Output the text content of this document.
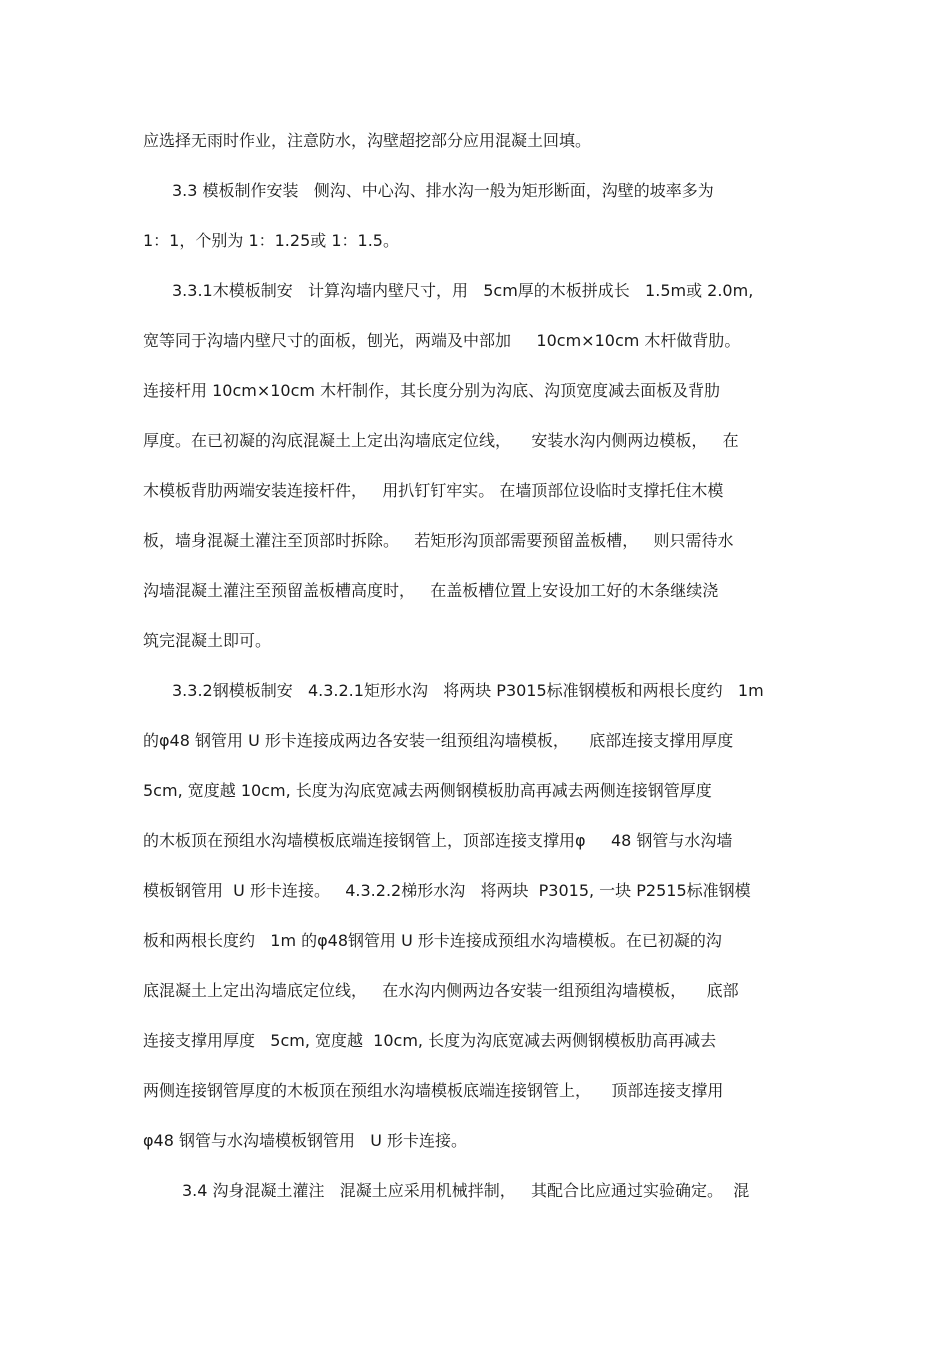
应选择无雨时作业，注意防水，沟壁超挖部分应用混凝土回填。
3.3 模板制作安装   侧沟、中心沟、排水沟一般为矩形断面，沟壁的坡率多为
1：1，个别为 1：1.25或 1：1.5。
3.3.1木模板制安   计算沟墙内壁尺寸，用   5cm厚的木板拼成长   1.5m或 2.0m,
宽等同于沟墙内壁尺寸的面板，刨光，两端及中部加     10cm×10cm 木杆做背肋。
连接杆用 10cm×10cm 木杆制作，其长度分别为沟底、沟顶宽度减去面板及背肋
厚度。在已初凝的沟底混凝土上定出沟墙底定位线，    安装水沟内侧两边模板，   在
木模板背肋两端安装连接杆件，   用扒钉钉牢实。 在墙顶部位设临时支撑托住木模
板，墙身混凝土灌注至顶部时拆除。   若矩形沟顶部需要预留盖板槽，   则只需待水
沟墙混凝土灌注至预留盖板槽高度时，   在盖板槽位置上安设加工好的木条继续浇
筑完混凝土即可。
3.3.2钢模板制安   4.3.2.1矩形水沟   将两块 P3015标准钢模板和两根长度约   1m
的φ48 钢管用 U 形卡连接成两边各安装一组预组沟墙模板，    底部连接支撑用厚度
5cm, 宽度越 10cm, 长度为沟底宽减去两侧钢模板肋高再减去两侧连接钢管厚度
的木板顶在预组水沟墙模板底端连接钢管上，顶部连接支撑用φ     48 钢管与水沟墙
模板钢管用  U 形卡连接。   4.3.2.2梯形水沟   将两块  P3015, 一块 P2515标准钢模
板和两根长度约   1m 的φ48钢管用 U 形卡连接成预组水沟墙模板。在已初凝的沟
底混凝土上定出沟墙底定位线，   在水沟内侧两边各安装一组预组沟墙模板，    底部
连接支撑用厚度   5cm, 宽度越  10cm, 长度为沟底宽减去两侧钢模板肋高再减去
两侧连接钢管厚度的木板顶在预组水沟墙模板底端连接钢管上，    顶部连接支撑用
φ48 钢管与水沟墙模板钢管用   U 形卡连接。
3.4 沟身混凝土灌注   混凝土应采用机械拌制，   其配合比应通过实验确定。  混
